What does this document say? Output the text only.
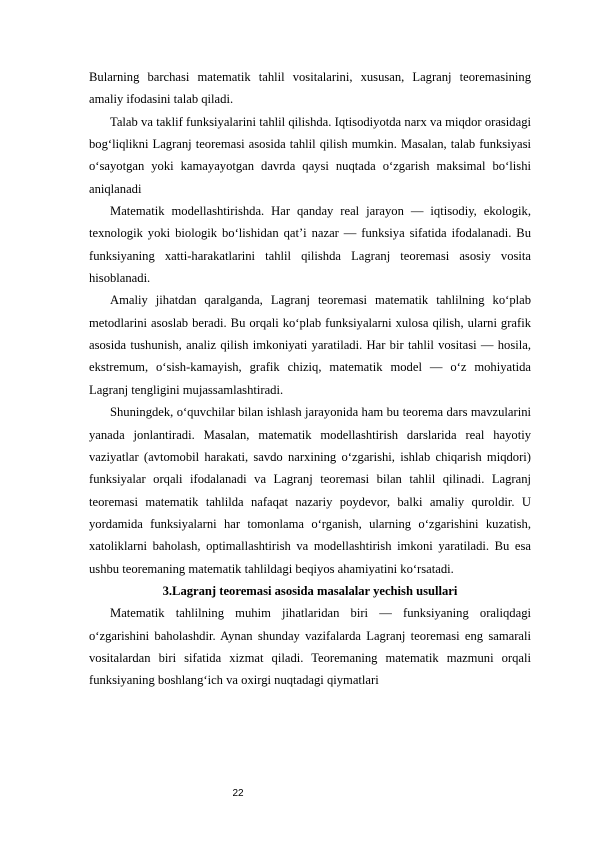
Bularning barchasi matematik tahlil vositalarini, xususan, Lagranj teoremasining amaliy ifodasini talab qiladi.

Talab va taklif funksiyalarini tahlil qilishda. Iqtisodiyotda narx va miqdor orasidagi bog‘liqlikni Lagranj teoremasi asosida tahlil qilish mumkin. Masalan, talab funksiyasi o‘sayotgan yoki kamayayotgan davrda qaysi nuqtada o‘zgarish maksimal bo‘lishi aniqlanadi

Matematik modellashtirishda. Har qanday real jarayon — iqtisodiy, ekologik, texnologik yoki biologik bo‘lishidan qat’i nazar — funksiya sifatida ifodalanadi. Bu funksiyaning xatti-harakatlarini tahlil qilishda Lagranj teoremasi asosiy vosita hisoblanadi.

Amaliy jihatdan qaralganda, Lagranj teoremasi matematik tahlilning ko‘plab metodlarini asoslab beradi. Bu orqali ko‘plab funksiyalarni xulosa qilish, ularni grafik asosida tushunish, analiz qilish imkoniyati yaratiladi. Har bir tahlil vositasi — hosila, ekstremum, o‘sish-kamayish, grafik chiziq, matematik model — o‘z mohiyatida Lagranj tengligini mujassamlashtiradi.

Shuningdek, o‘quvchilar bilan ishlash jarayonida ham bu teorema dars mavzularini yanada jonlantiradi. Masalan, matematik modellashtirish darslarida real hayotiy vaziyatlar (avtomobil harakati, savdo narxining o‘zgarishi, ishlab chiqarish miqdori) funksiyalar orqali ifodalanadi va Lagranj teoremasi bilan tahlil qilinadi. Lagranj teoremasi matematik tahlilda nafaqat nazariy poydevor, balki amaliy quroldir. U yordamida funksiyalarni har tomonlama o‘rganish, ularning o‘zgarishini kuzatish, xatoliklarni baholash, optimallashtirish va modellashtirish imkoni yaratiladi. Bu esa ushbu teoremaning matematik tahlildagi beqiyos ahamiyatini ko‘rsatadi.

3.Lagranj teoremasi asosida masalalar yechish usullari

Matematik tahlilning muhim jihatlaridan biri — funksiyaning oraliqdagi o‘zgarishini baholashdir. Aynan shunday vazifalarda Lagranj teoremasi eng samarali vositalardan biri sifatida xizmat qiladi. Teoremaning matematik mazmuni orqali funksiyaning boshlang‘ich va oxirgi nuqtadagi qiymatlari

22
